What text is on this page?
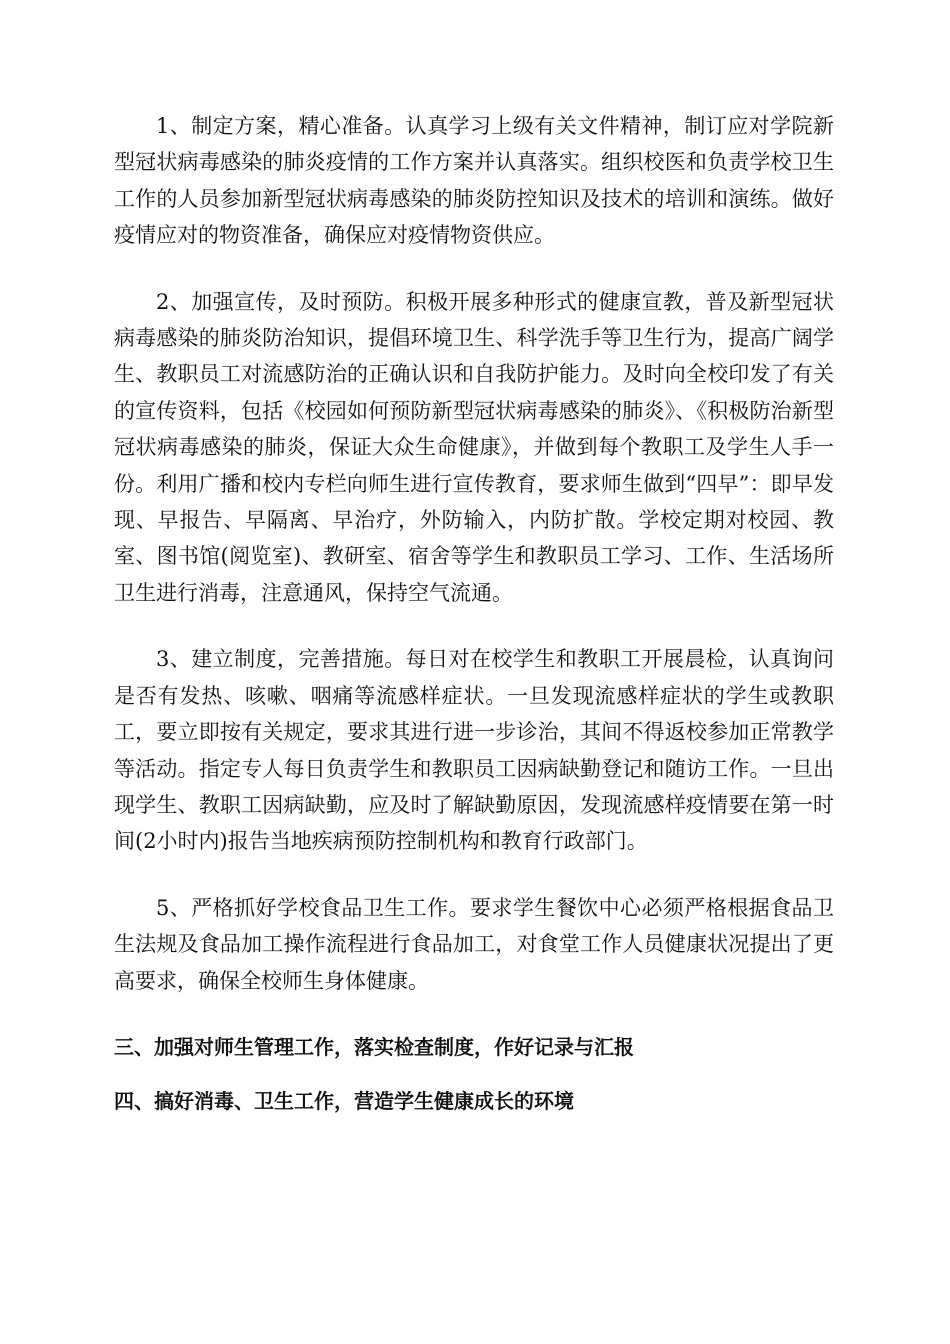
1、制定方案，精心准备。认真学习上级有关文件精神，制订应对学院新型冠状病毒感染的肺炎疫情的工作方案并认真落实。组织校医和负责学校卫生工作的人员参加新型冠状病毒感染的肺炎防控知识及技术的培训和演练。做好疫情应对的物资准备，确保应对疫情物资供应。

2、加强宣传，及时预防。积极开展多种形式的健康宣教，普及新型冠状病毒感染的肺炎防治知识，提倡环境卫生、科学洗手等卫生行为，提高广阔学生、教职员工对流感防治的正确认识和自我防护能力。及时向全校印发了有关的宣传资料，包括《校园如何预防新型冠状病毒感染的肺炎》、《积极防治新型冠状病毒感染的肺炎，保证大众生命健康》，并做到每个教职工及学生人手一份。利用广播和校内专栏向师生进行宣传教育，要求师生做到“四早”：即早发现、早报告、早隔离、早治疗，外防输入，内防扩散。学校定期对校园、教室、图书馆(阅览室)、教研室、宿舍等学生和教职员工学习、工作、生活场所卫生进行消毒，注意通风，保持空气流通。

3、建立制度，完善措施。每日对在校学生和教职工开展晨检，认真询问是否有发热、咳嗽、咽痛等流感样症状。一旦发现流感样症状的学生或教职工，要立即按有关规定，要求其进行进一步诊治，其间不得返校参加正常教学等活动。指定专人每日负责学生和教职员工因病缺勤登记和随访工作。一旦出现学生、教职工因病缺勤，应及时了解缺勤原因，发现流感样疫情要在第一时间(2小时内)报告当地疾病预防控制机构和教育行政部门。

5、严格抓好学校食品卫生工作。要求学生餐饮中心必须严格根据食品卫生法规及食品加工操作流程进行食品加工，对食堂工作人员健康状况提出了更高要求，确保全校师生身体健康。

三、加强对师生管理工作，落实检查制度，作好记录与汇报
四、搞好消毒、卫生工作，营造学生健康成长的环境
